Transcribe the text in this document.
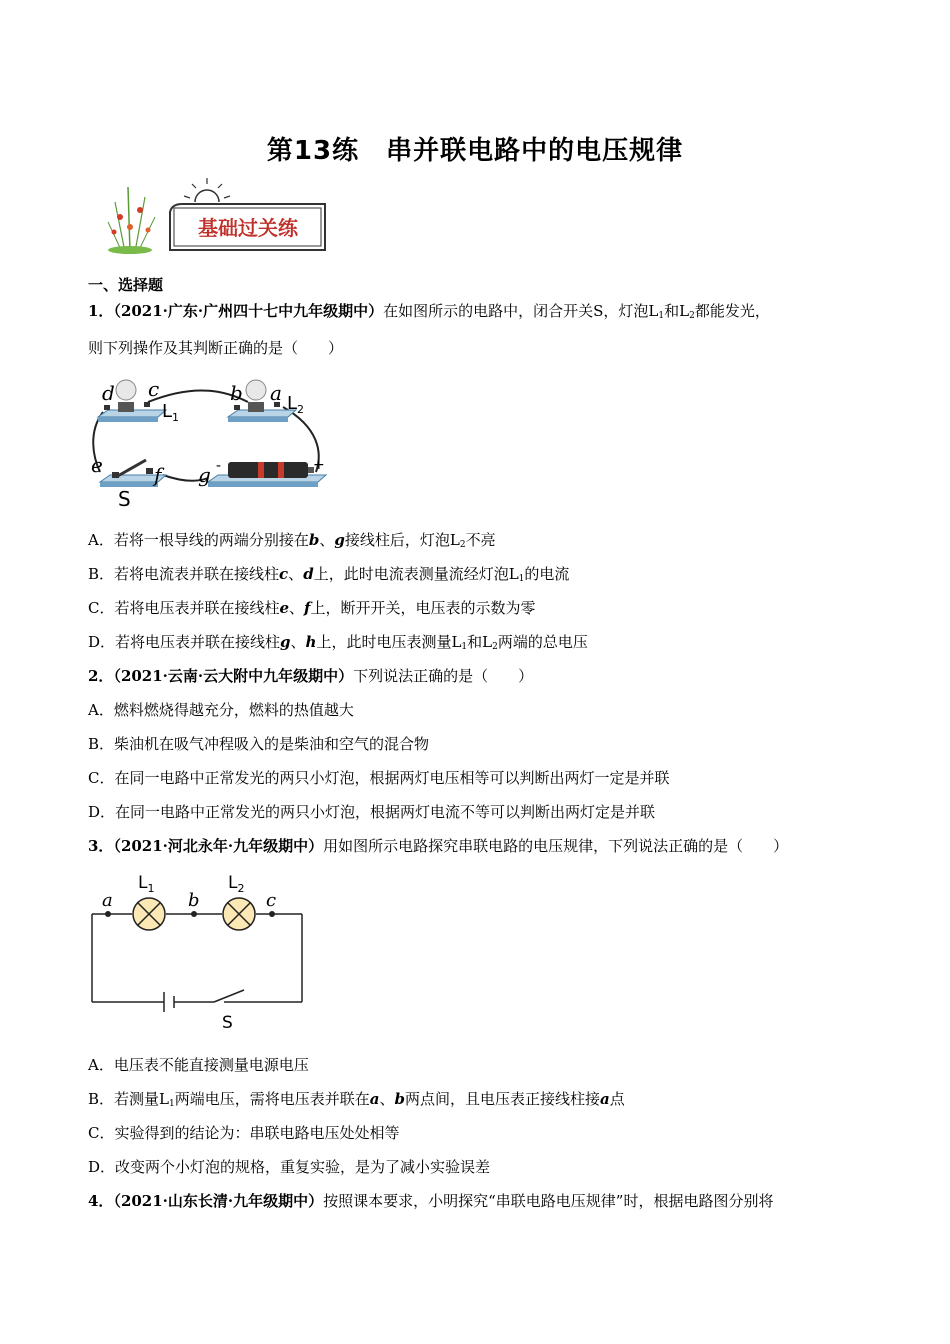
第13练　串并联电路中的电压规律
基础过关练
一、选择题
1．（2021·广东·广州四十七中九年级期中）在如图所示的电路中，闭合开关S，灯泡$L_1$和$L_2$都能发光，
则下列操作及其判断正确的是（　　）
d c
$L_1$
b a $L_2$
e	f g -	+
S
A．若将一根导线的两端分别接在b、g接线柱后，灯泡$L_2$不亮
B．若将电流表并联在接线柱c、d上，此时电流表测量流经灯泡$L_1$的电流
C．若将电压表并联在接线柱e、f上，断开开关，电压表的示数为零
D．若将电压表并联在接线柱g、h上，此时电压表测量$L_1$和$L_2$两端的总电压
2．（2021·云南·云大附中九年级期中）下列说法正确的是（　　）
A．燃料燃烧得越充分，燃料的热值越大
B．柴油机在吸气冲程吸入的是柴油和空气的混合物
C．在同一电路中正常发光的两只小灯泡，根据两灯电压相等可以判断出两灯一定是并联
D．在同一电路中正常发光的两只小灯泡，根据两灯电流不等可以判断出两灯定是并联
3．（2021·河北永年·九年级期中）用如图所示电路探究串联电路的电压规律，下列说法正确的是（　　）
a	b	c
$L_1$	$L_2$
S
A．电压表不能直接测量电源电压
B．若测量$L_1$两端电压，需将电压表并联在a、b两点间，且电压表正接线柱接a点
C．实验得到的结论为：串联电路电压处处相等
D．改变两个小灯泡的规格，重复实验，是为了减小实验误差
4．（2021·山东长清·九年级期中）按照课本要求，小明探究“串联电路电压规律”时，根据电路图分别将
